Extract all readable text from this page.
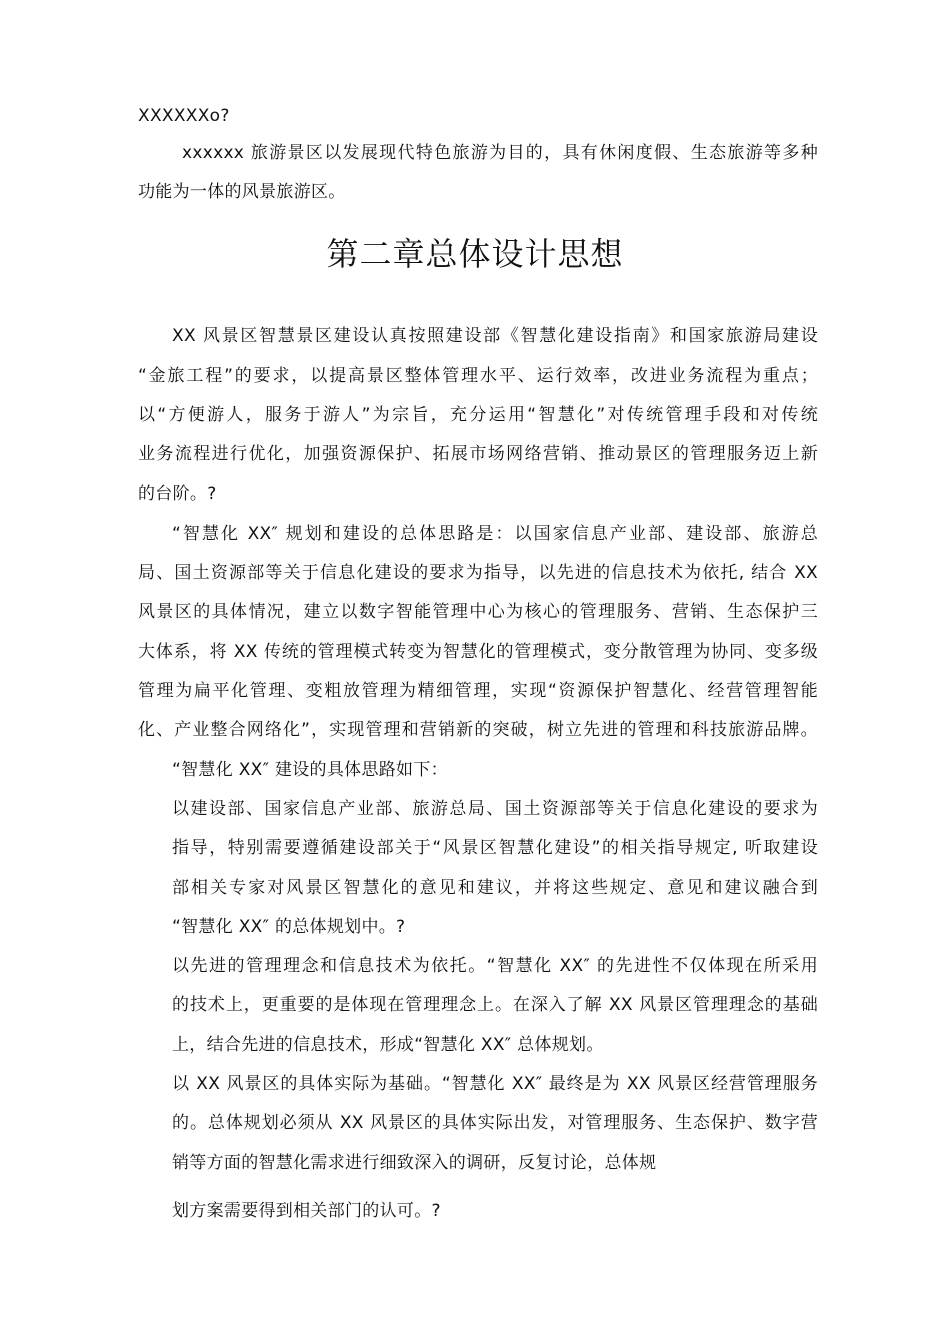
XXXXXXo?
xxxxxx 旅游景区以发展现代特色旅游为目的，具有休闲度假、生态旅游等多种
功能为一体的风景旅游区。
第二章总体设计思想
XX 风景区智慧景区建设认真按照建设部《智慧化建设指南》和国家旅游局建设
“金旅工程”的要求，以提高景区整体管理水平、运行效率，改进业务流程为重点；
以“方便游人，服务于游人”为宗旨，充分运用“智慧化”对传统管理手段和对传统
业务流程进行优化，加强资源保护、拓展市场网络营销、推动景区的管理服务迈上新
的台阶。?
“智慧化 XX″ 规划和建设的总体思路是：以国家信息产业部、建设部、旅游总
局、国土资源部等关于信息化建设的要求为指导，以先进的信息技术为依托, 结合 XX
风景区的具体情况，建立以数字智能管理中心为核心的管理服务、营销、生态保护三
大体系，将 XX 传统的管理模式转变为智慧化的管理模式，变分散管理为协同、变多级
管理为扁平化管理、变粗放管理为精细管理，实现“资源保护智慧化、经营管理智能
化、产业整合网络化”，实现管理和营销新的突破，树立先进的管理和科技旅游品牌。
“智慧化 XX″ 建设的具体思路如下：
以建设部、国家信息产业部、旅游总局、国土资源部等关于信息化建设的要求为
指导，特别需要遵循建设部关于“风景区智慧化建设”的相关指导规定, 听取建设
部相关专家对风景区智慧化的意见和建议，并将这些规定、意见和建议融合到
“智慧化 XX″ 的总体规划中。?
以先进的管理理念和信息技术为依托。“智慧化 XX″ 的先进性不仅体现在所采用
的技术上，更重要的是体现在管理理念上。在深入了解 XX 风景区管理理念的基础
上，结合先进的信息技术，形成“智慧化 XX″ 总体规划。
以 XX 风景区的具体实际为基础。“智慧化 XX″ 最终是为 XX 风景区经营管理服务
的。总体规划必须从 XX 风景区的具体实际出发，对管理服务、生态保护、数字营
销等方面的智慧化需求进行细致深入的调研，反复讨论，总体规
划方案需要得到相关部门的认可。?
